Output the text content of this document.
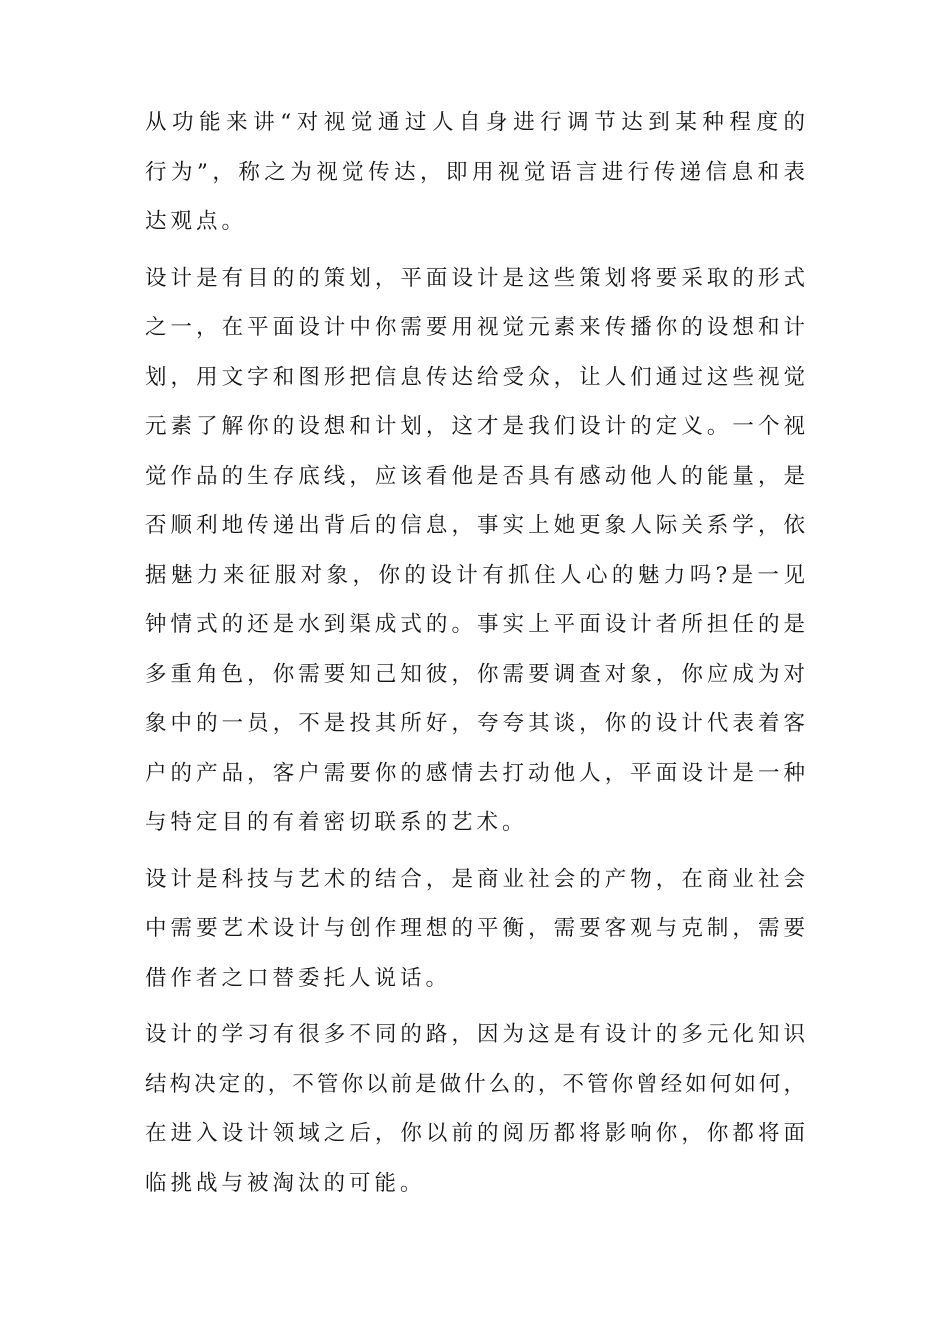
从功能来讲“对视觉通过人自身进行调节达到某种程度的
行为”，称之为视觉传达，即用视觉语言进行传递信息和表
达观点。

设计是有目的的策划，平面设计是这些策划将要采取的形式
之一，在平面设计中你需要用视觉元素来传播你的设想和计
划，用文字和图形把信息传达给受众，让人们通过这些视觉
元素了解你的设想和计划，这才是我们设计的定义。一个视
觉作品的生存底线，应该看他是否具有感动他人的能量，是
否顺利地传递出背后的信息，事实上她更象人际关系学，依
据魅力来征服对象，你的设计有抓住人心的魅力吗?是一见
钟情式的还是水到渠成式的。事实上平面设计者所担任的是
多重角色，你需要知己知彼，你需要调查对象，你应成为对
象中的一员，不是投其所好，夸夸其谈，你的设计代表着客
户的产品，客户需要你的感情去打动他人，平面设计是一种
与特定目的有着密切联系的艺术。

设计是科技与艺术的结合，是商业社会的产物，在商业社会
中需要艺术设计与创作理想的平衡，需要客观与克制，需要
借作者之口替委托人说话。

设计的学习有很多不同的路，因为这是有设计的多元化知识
结构决定的，不管你以前是做什么的，不管你曾经如何如何，
在进入设计领域之后，你以前的阅历都将影响你，你都将面
临挑战与被淘汰的可能。
